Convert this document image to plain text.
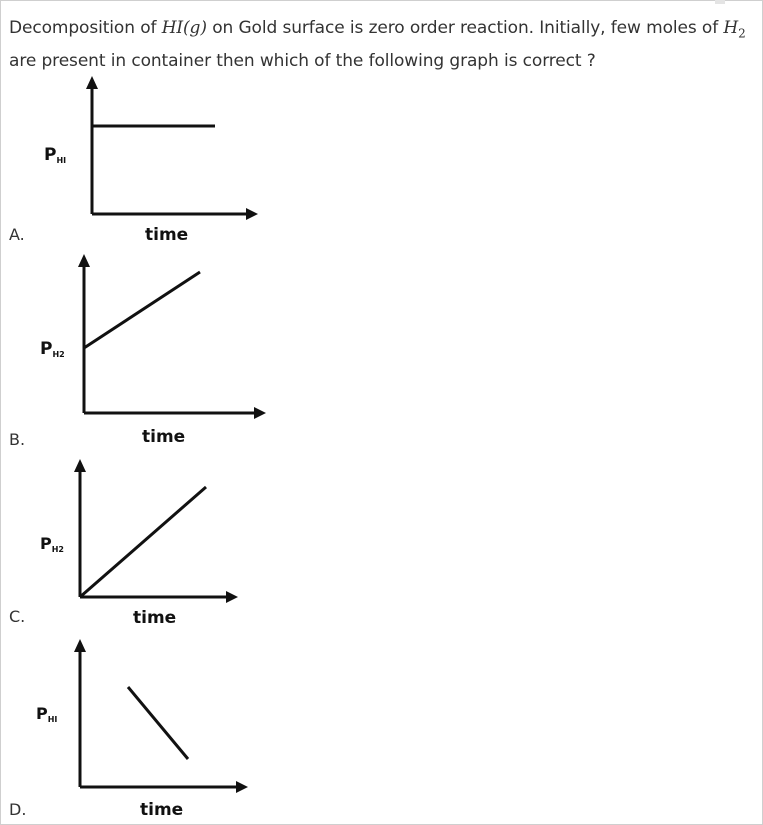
Decomposition of HI(g) on Gold surface is zero order reaction. Initially, few moles of $H_2$ are present in container then which of the following graph is correct ?
A.
PHI
time
B.
PH2
time
C.
PH2
time
D.
PHI
time
